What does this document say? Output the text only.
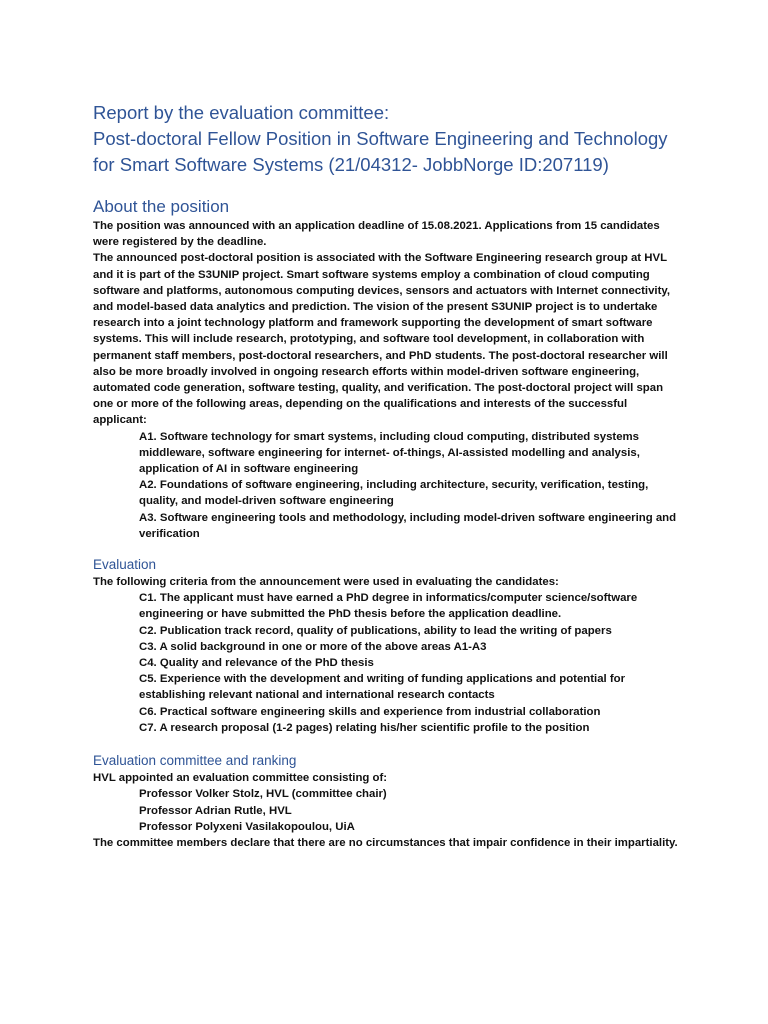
Report by the evaluation committee:

Post-doctoral Fellow Position in Software Engineering and Technology

for Smart Software Systems (21/04312- JobbNorge ID:207119)

About the position

The position was announced with an application deadline of 15.08.2021. Applications from 15 candidates were registered by the deadline.

The announced post-doctoral position is associated with the Software Engineering research group at HVL and it is part of the S3UNIP project. Smart software systems employ a combination of cloud computing software and platforms, autonomous computing devices, sensors and actuators with Internet connectivity, and model-based data analytics and prediction. The vision of the present S3UNIP project is to undertake research into a joint technology platform and framework supporting the development of smart software systems. This will include research, prototyping, and software tool development, in collaboration with permanent staff members, post-doctoral researchers, and PhD students. The post-doctoral researcher will also be more broadly involved in ongoing research efforts within model-driven software engineering, automated code generation, software testing, quality, and verification. The post-doctoral project will span one or more of the following areas, depending on the qualifications and interests of the successful applicant:

A1. Software technology for smart systems, including cloud computing, distributed systems middleware, software engineering for internet- of-things, AI-assisted modelling and analysis, application of AI in software engineering

A2. Foundations of software engineering, including architecture, security, verification, testing, quality, and model-driven software engineering

A3. Software engineering tools and methodology, including model-driven software engineering and verification

Evaluation

The following criteria from the announcement were used in evaluating the candidates:

C1. The applicant must have earned a PhD degree in informatics/computer science/software engineering or have submitted the PhD thesis before the application deadline.

C2. Publication track record, quality of publications, ability to lead the writing of papers

C3. A solid background in one or more of the above areas A1-A3

C4. Quality and relevance of the PhD thesis

C5. Experience with the development and writing of funding applications and potential for establishing relevant national and international research contacts

C6. Practical software engineering skills and experience from industrial collaboration

C7. A research proposal (1-2 pages) relating his/her scientific profile to the position

Evaluation committee and ranking

HVL appointed an evaluation committee consisting of:

Professor Volker Stolz, HVL (committee chair)

Professor Adrian Rutle, HVL

Professor Polyxeni Vasilakopoulou, UiA

The committee members declare that there are no circumstances that impair confidence in their impartiality.
